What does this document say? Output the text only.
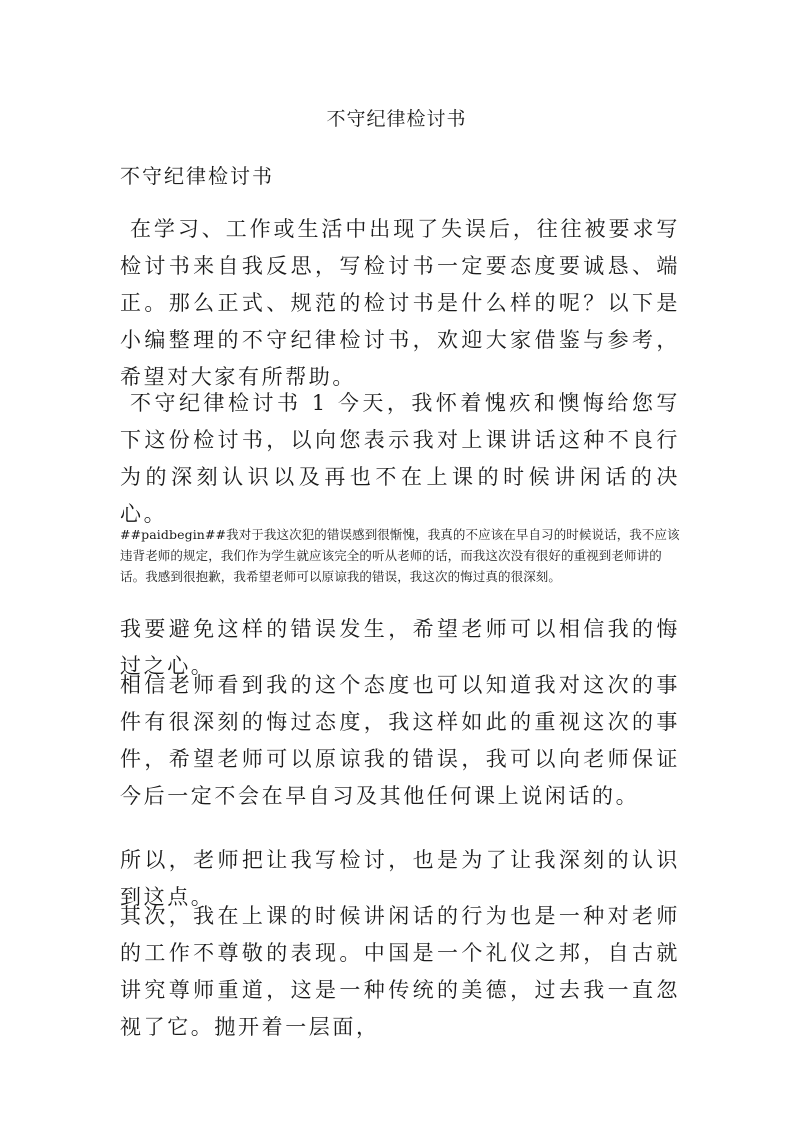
不守纪律检讨书
不守纪律检讨书

在学习、工作或生活中出现了失误后，往往被要求写检讨书来自我反思，写检讨书一定要态度要诚恳、端正。那么正式、规范的检讨书是什么样的呢？以下是小编整理的不守纪律检讨书，欢迎大家借鉴与参考，希望对大家有所帮助。

不守纪律检讨书 1 今天，我怀着愧疚和懊悔给您写下这份检讨书，以向您表示我对上课讲话这种不良行为的深刻认识以及再也不在上课的时候讲闲话的决心。

##paidbegin##我对于我这次犯的错误感到很惭愧，我真的不应该在早自习的时候说话，我不应该违背老师的规定，我们作为学生就应该完全的听从老师的话，而我这次没有很好的重视到老师讲的话。我感到很抱歉，我希望老师可以原谅我的错误，我这次的悔过真的很深刻。

我要避免这样的错误发生，希望老师可以相信我的悔过之心。

相信老师看到我的这个态度也可以知道我对这次的事件有很深刻的悔过态度，我这样如此的重视这次的事件，希望老师可以原谅我的错误，我可以向老师保证今后一定不会在早自习及其他任何课上说闲话的。

所以，老师把让我写检讨，也是为了让我深刻的认识到这点。

其次，我在上课的时候讲闲话的行为也是一种对老师的工作不尊敬的表现。中国是一个礼仪之邦，自古就讲究尊师重道，这是一种传统的美德，过去我一直忽视了它。抛开着一层面，
